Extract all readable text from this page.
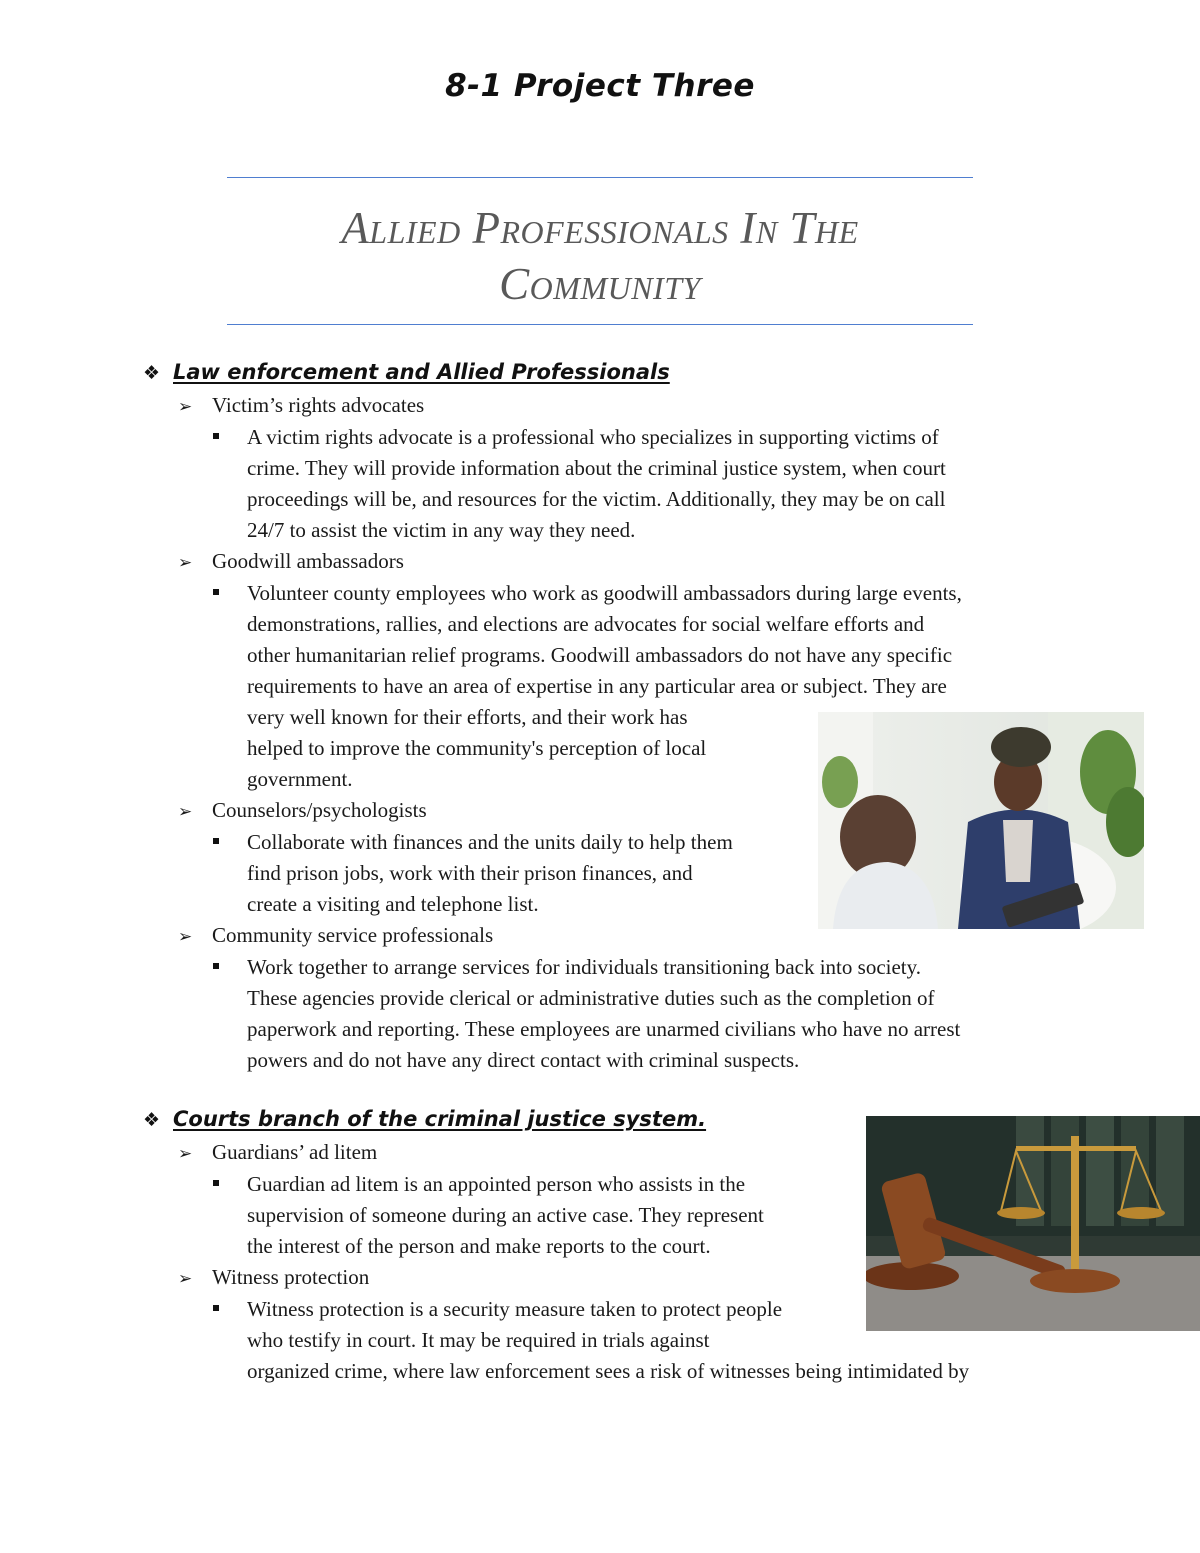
8-1 Project Three
Allied Professionals In The
Community
❖ Law enforcement and Allied Professionals
➢ Victim’s rights advocates
A victim rights advocate is a professional who specializes in supporting victims of
crime. They will provide information about the criminal justice system, when court
proceedings will be, and resources for the victim. Additionally, they may be on call
24/7 to assist the victim in any way they need.
➢ Goodwill ambassadors
Volunteer county employees who work as goodwill ambassadors during large events,
demonstrations, rallies, and elections are advocates for social welfare efforts and
other humanitarian relief programs. Goodwill ambassadors do not have any specific
requirements to have an area of expertise in any particular area or subject. They are
very well known for their efforts, and their work has
helped to improve the community's perception of local
government.
➢ Counselors/psychologists
Collaborate with finances and the units daily to help them
find prison jobs, work with their prison finances, and
create a visiting and telephone list.
➢ Community service professionals
Work together to arrange services for individuals transitioning back into society.
These agencies provide clerical or administrative duties such as the completion of
paperwork and reporting. These employees are unarmed civilians who have no arrest
powers and do not have any direct contact with criminal suspects.
❖ Courts branch of the criminal justice system.
➢ Guardians’ ad litem
Guardian ad litem is an appointed person who assists in the
supervision of someone during an active case. They represent
the interest of the person and make reports to the court.
➢ Witness protection
Witness protection is a security measure taken to protect people
who testify in court. It may be required in trials against
organized crime, where law enforcement sees a risk of witnesses being intimidated by
